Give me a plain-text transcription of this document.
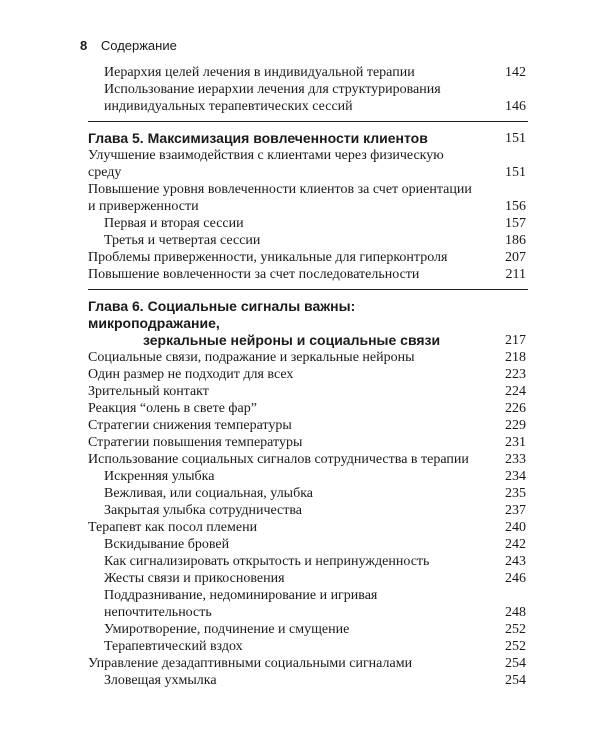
8 Содержание
Иерархия целей лечения в индивидуальной терапии	142
Использование иерархии лечения для структурирования индивидуальных терапевтических сессий	146
Глава 5. Максимизация вовлеченности клиентов	151
Улучшение взаимодействия с клиентами через физическую среду	151
Повышение уровня вовлеченности клиентов за счет ориентации и приверженности	156
Первая и вторая сессии	157
Третья и четвертая сессии	186
Проблемы приверженности, уникальные для гиперконтроля	207
Повышение вовлеченности за счет последовательности	211
Глава 6. Социальные сигналы важны: микроподражание,
зеркальные нейроны и социальные связи	217
Социальные связи, подражание и зеркальные нейроны	218
Один размер не подходит для всех	223
Зрительный контакт	224
Реакция “олень в свете фар”	226
Стратегии снижения температуры	229
Стратегии повышения температуры	231
Использование социальных сигналов сотрудничества в терапии	233
Искренняя улыбка	234
Вежливая, или социальная, улыбка	235
Закрытая улыбка сотрудничества	237
Терапевт как посол племени	240
Вскидывание бровей	242
Как сигнализировать открытость и непринужденность	243
Жесты связи и прикосновения	246
Поддразнивание, недоминирование и игривая непочтительность	248
Умиротворение, подчинение и смущение	252
Терапевтический вздох	252
Управление дезадаптивными социальными сигналами	254
Зловещая ухмылка	254
